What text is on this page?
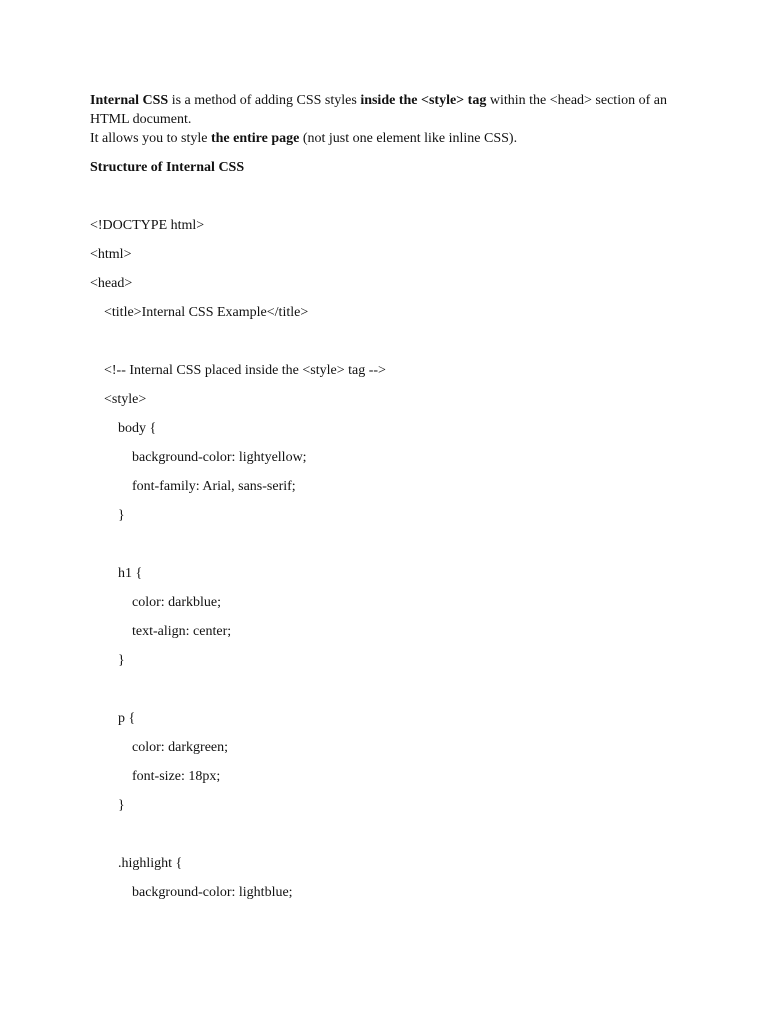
Internal CSS is a method of adding CSS styles inside the <style> tag within the <head> section of an
HTML document.
It allows you to style the entire page (not just one element like inline CSS).

Structure of Internal CSS

<!DOCTYPE html>
<html>
<head>
<title>Internal CSS Example</title>
<!-- Internal CSS placed inside the <style> tag -->
<style>
body {
background-color: lightyellow;
font-family: Arial, sans-serif;
}
h1 {
color: darkblue;
text-align: center;
}
p {
color: darkgreen;
font-size: 18px;
}
.highlight {
background-color: lightblue;
